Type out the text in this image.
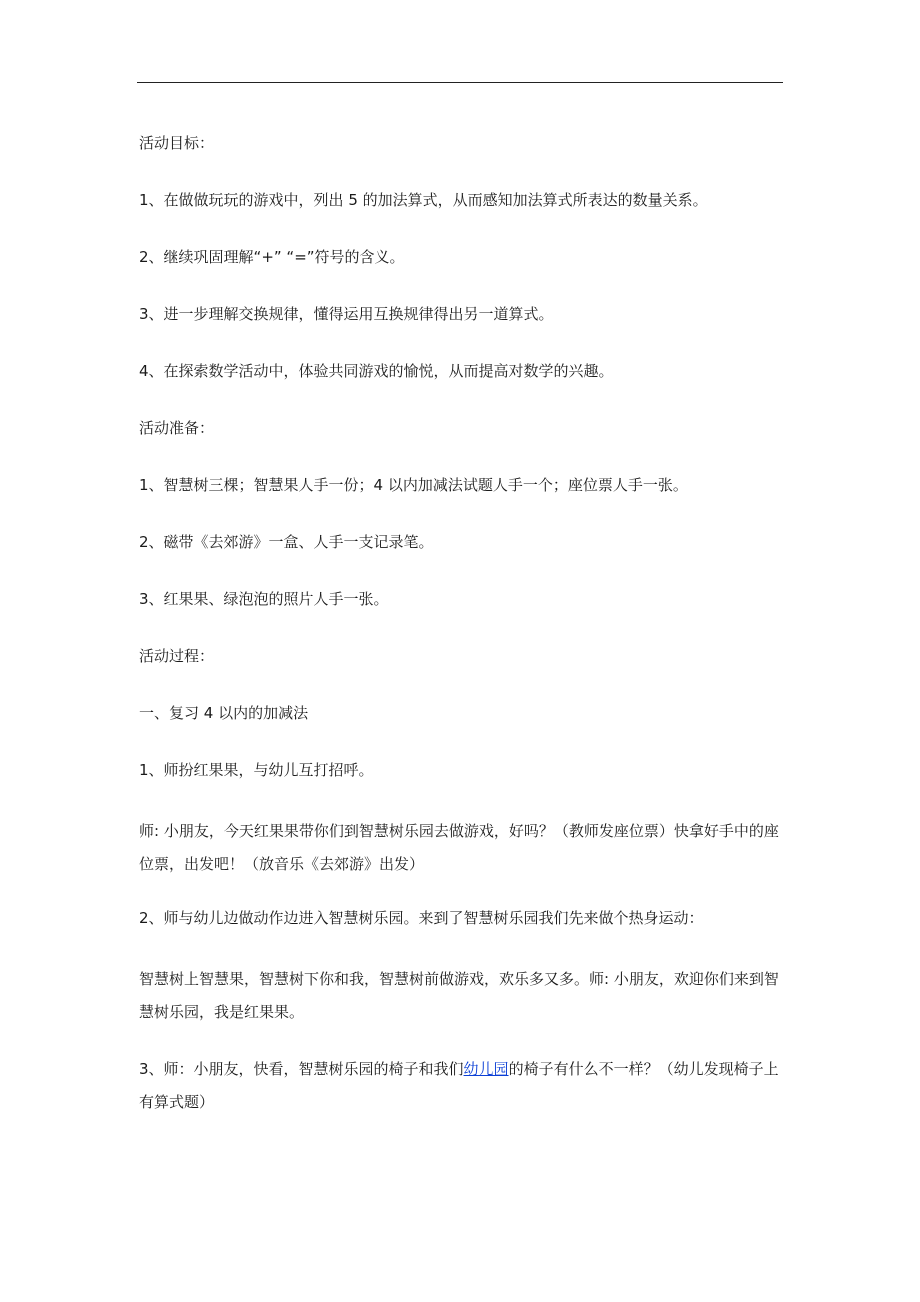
活动目标：

1、在做做玩玩的游戏中，列出 5 的加法算式，从而感知加法算式所表达的数量关系。

2、继续巩固理解“+” “=”符号的含义。

3、进一步理解交换规律，懂得运用互换规律得出另一道算式。

4、在探索数学活动中，体验共同游戏的愉悦，从而提高对数学的兴趣。

活动准备：

1、智慧树三棵；智慧果人手一份；4 以内加减法试题人手一个；座位票人手一张。

2、磁带《去郊游》一盒、人手一支记录笔。

3、红果果、绿泡泡的照片人手一张。

活动过程：

一、复习 4 以内的加减法

1、师扮红果果，与幼儿互打招呼。

师: 小朋友，今天红果果带你们到智慧树乐园去做游戏，好吗？（教师发座位票）快拿好手中的座位票，出发吧！（放音乐《去郊游》出发）

2、师与幼儿边做动作边进入智慧树乐园。来到了智慧树乐园我们先来做个热身运动：

智慧树上智慧果，智慧树下你和我，智慧树前做游戏，欢乐多又多。师: 小朋友，欢迎你们来到智慧树乐园，我是红果果。

3、师：小朋友，快看，智慧树乐园的椅子和我们幼儿园的椅子有什么不一样？（幼儿发现椅子上有算式题）
